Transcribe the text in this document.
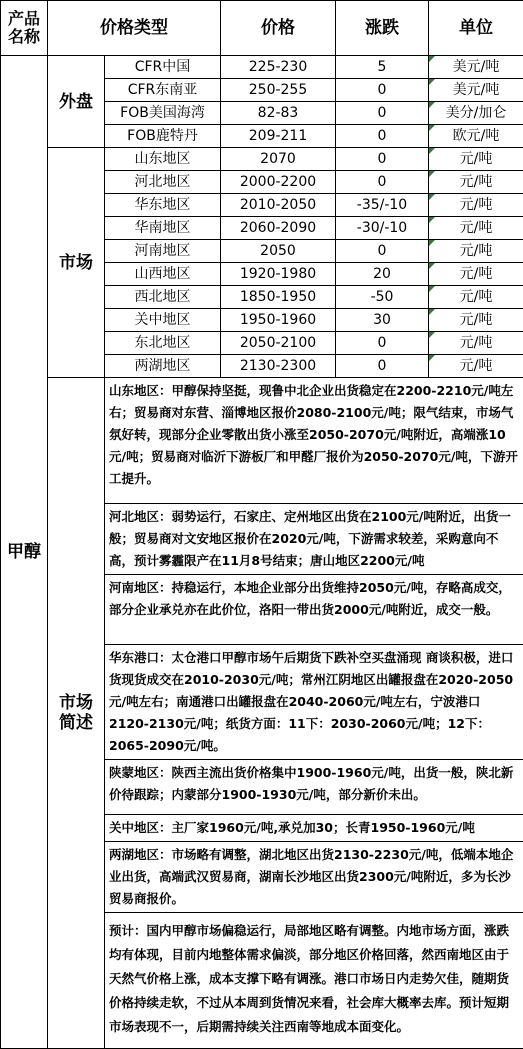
产品名称	价格类型		价格	涨跌	单位
甲醇	外盘	CFR中国	225-230	5	美元/吨
		CFR东南亚	250-255	0	美元/吨
		FOB美国海湾	82-83	0	美分/加仑
		FOB鹿特丹	209-211	0	欧元/吨
	市场	山东地区	2070	0	元/吨
		河北地区	2000-2200	0	元/吨
		华东地区	2010-2050	-35/-10	元/吨
		华南地区	2060-2090	-30/-10	元/吨
		河南地区	2050	0	元/吨
		山西地区	1920-1980	20	元/吨
		西北地区	1850-1950	-50	元/吨
		关中地区	1950-1960	30	元/吨
		东北地区	2050-2100	0	元/吨
		两湖地区	2130-2300	0	元/吨
	市场简述	山东地区：甲醇保持坚挺，现鲁中北企业出货稳定在2200-2210元/吨左右；贸易商对东营、淄博地区报价2080-2100元/吨；限气结束，市场气氛好转，现部分企业零散出货小涨至2050-2070元/吨附近，高端涨10元/吨；贸易商对临沂下游板厂和甲醛厂报价为2050-2070元/吨，下游开工提升。			
		河北地区：弱势运行，石家庄、定州地区出货在2100元/吨附近，出货一般；贸易商对文安地区报价在2020元/吨，下游需求较差，采购意向不高，预计雾霾限产在11月8号结束；唐山地区2200元/吨			
		河南地区：持稳运行，本地企业部分出货维持2050元/吨，存略高成交，部分企业承兑亦在此价位，洛阳一带出货2000元/吨附近，成交一般。			
		华东港口：太仓港口甲醇市场午后期货下跌补空买盘涌现 商谈积极，进口货现货成交在2010-2030元/吨；常州江阴地区出罐报盘在2020-2050元/吨左右；南通港口出罐报盘在2040-2060元/吨左右，宁波港口2120-2130元/吨；纸货方面：11下：2030-2060元/吨；12下：2065-2090元/吨。			
		陕蒙地区：陕西主流出货价格集中1900-1960元/吨，出货一般，陕北新价待跟踪；内蒙部分1900-1930元/吨，部分新价未出。			
		关中地区：主厂家1960元/吨,承兑加30；长青1950-1960元/吨			
		两湖地区：市场略有调整，湖北地区出货2130-2230元/吨，低端本地企业出货，高端武汉贸易商，湖南长沙地区出货2300元/吨附近，多为长沙贸易商报价。			
		预计：国内甲醇市场偏稳运行，局部地区略有调整。内地市场方面，涨跌均有体现，目前内地整体需求偏淡，部分地区价格回落，然西南地区由于天然气价格上涨，成本支撑下略有调涨。港口市场日内走势欠佳，随期货价格持续走软，不过从本周到货情况来看，社会库大概率去库。预计短期市场表现不一，后期需持续关注西南等地成本面变化。			
